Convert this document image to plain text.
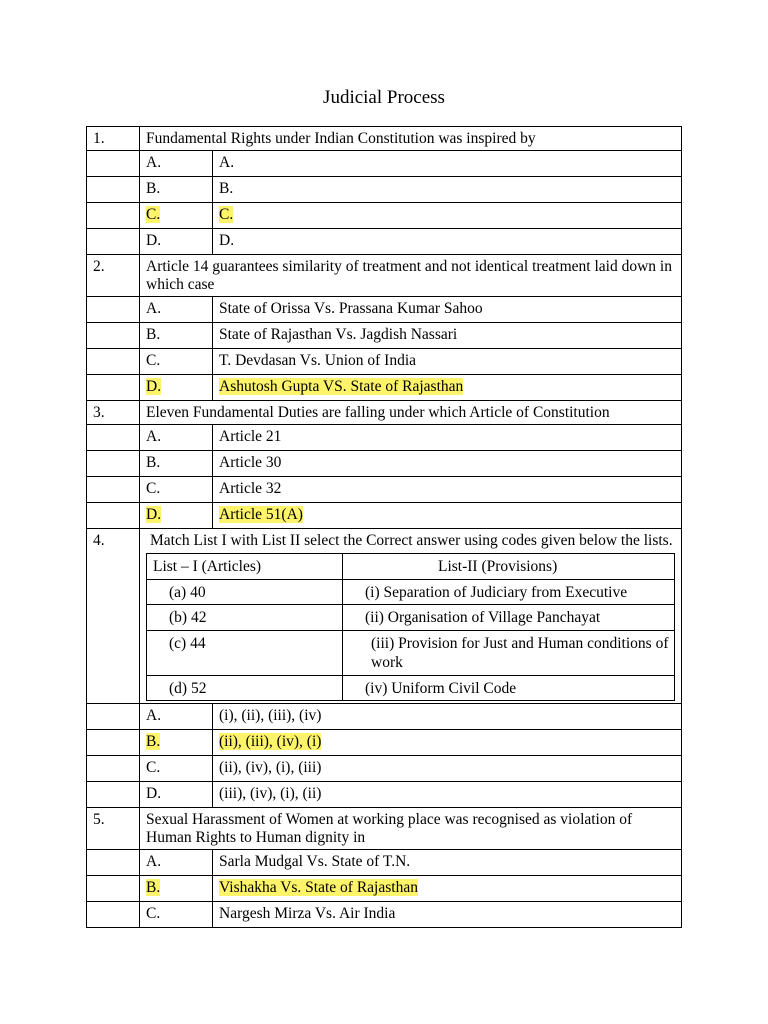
Judicial Process
1.	Fundamental Rights under Indian Constitution was inspired by

	A.	A.
	B.	B.
	C.	C.
	D.	D.
2.	Article 14 guarantees similarity of treatment and not identical treatment laid down in which case

	A.	State of Orissa Vs. Prassana Kumar Sahoo
	B.	State of Rajasthan Vs. Jagdish Nassari
	C.	T. Devdasan Vs. Union of India
	D.	Ashutosh Gupta VS. State of Rajasthan
3.	Eleven Fundamental Duties are falling under which Article of Constitution

	A.	Article 21
	B.	Article 30
	C.	Article 32
	D.	Article 51(A)
4.	Match List I with List II select the Correct answer using codes given below the lists.
List – I (Articles)	List-II (Provisions)
(a) 40	(i) Separation of Judiciary from Executive
(b) 42	(ii) Organisation of Village Panchayat
(c) 44	(iii) Provision for Just and Human conditions of work
(d) 52	(iv) Uniform Civil Code

	A.	(i), (ii), (iii), (iv)
	B.	(ii), (iii), (iv), (i)
	C.	(ii), (iv), (i), (iii)
	D.	(iii), (iv), (i), (ii)
5.	Sexual Harassment of Women at working place was recognised as violation of Human Rights to Human dignity in

	A.	Sarla Mudgal Vs. State of T.N.
	B.	Vishakha Vs. State of Rajasthan
	C.	Nargesh Mirza Vs. Air India
